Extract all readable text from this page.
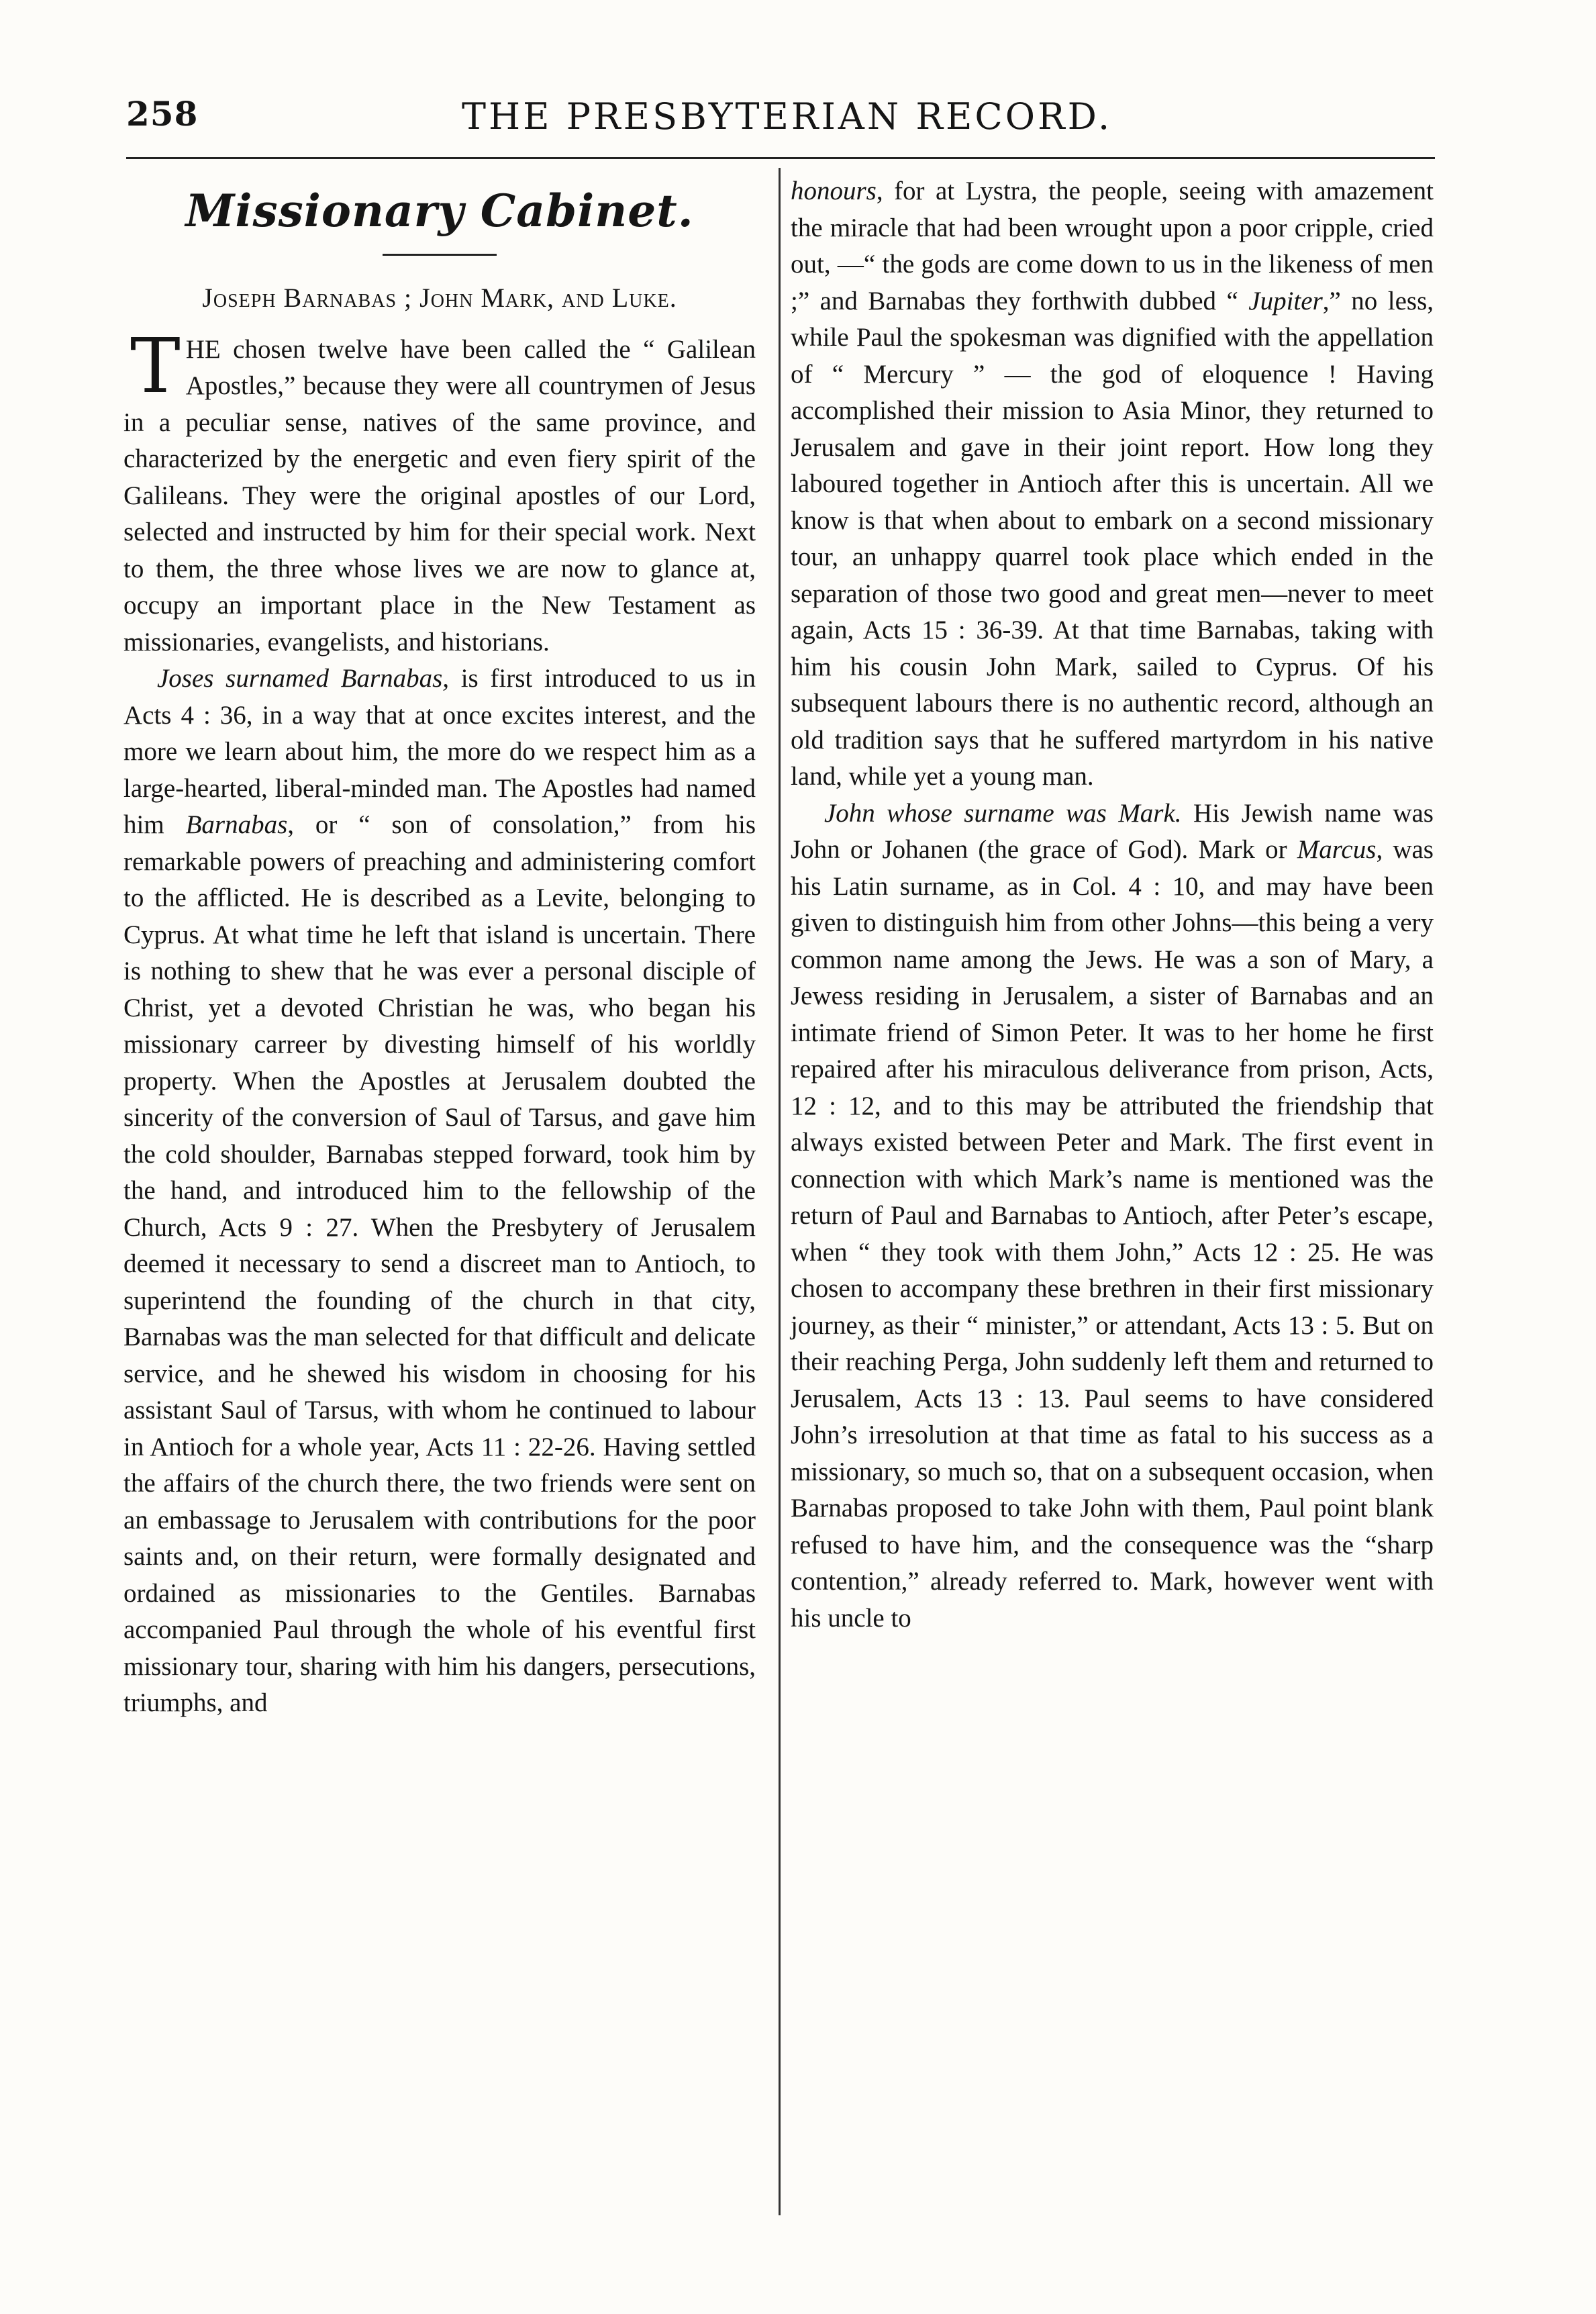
258	THE PRESBYTERIAN RECORD.
Missionary Cabinet.
Joseph Barnabas ; John Mark, and Luke.

THE chosen twelve have been called the “ Galilean Apostles,” because they were all countrymen of Jesus in a peculiar sense, natives of the same province, and characterized by the energetic and even fiery spirit of the Galileans. They were the original apostles of our Lord, selected and instructed by him for their special work. Next to them, the three whose lives we are now to glance at, occupy an important place in the New Testament as missionaries, evangelists, and historians.

Joses surnamed Barnabas, is first introduced to us in Acts 4 : 36, in a way that at once excites interest, and the more we learn about him, the more do we respect him as a large-hearted, liberal-minded man. The Apostles had named him Barnabas, or “ son of consolation,” from his remarkable powers of preaching and administering comfort to the afflicted. He is described as a Levite, belonging to Cyprus. At what time he left that island is uncertain. There is nothing to shew that he was ever a personal disciple of Christ, yet a devoted Christian he was, who began his missionary carreer by divesting himself of his worldly property. When the Apostles at Jerusalem doubted the sincerity of the conversion of Saul of Tarsus, and gave him the cold shoulder, Barnabas stepped forward, took him by the hand, and introduced him to the fellowship of the Church, Acts 9 : 27. When the Presbytery of Jerusalem deemed it necessary to send a discreet man to Antioch, to superintend the founding of the church in that city, Barnabas was the man selected for that difficult and delicate service, and he shewed his wisdom in choosing for his assistant Saul of Tarsus, with whom he continued to labour in Antioch for a whole year, Acts 11 : 22-26. Having settled the affairs of the church there, the two friends were sent on an embassage to Jerusalem with contributions for the poor saints and, on their return, were formally designated and ordained as missionaries to the Gentiles. Barnabas accompanied Paul through the whole of his eventful first missionary tour, sharing with him his dangers, persecutions, triumphs, and

honours, for at Lystra, the people, seeing with amazement the miracle that had been wrought upon a poor cripple, cried out, —“ the gods are come down to us in the likeness of men ;” and Barnabas they forthwith dubbed “ Jupiter,” no less, while Paul the spokesman was dignified with the appellation of “ Mercury ” — the god of eloquence ! Having accomplished their mission to Asia Minor, they returned to Jerusalem and gave in their joint report. How long they laboured together in Antioch after this is uncertain. All we know is that when about to embark on a second missionary tour, an unhappy quarrel took place which ended in the separation of those two good and great men—never to meet again, Acts 15 : 36-39. At that time Barnabas, taking with him his cousin John Mark, sailed to Cyprus. Of his subsequent labours there is no authentic record, although an old tradition says that he suffered martyrdom in his native land, while yet a young man.

John whose surname was Mark. His Jewish name was John or Johanen (the grace of God). Mark or Marcus, was his Latin surname, as in Col. 4 : 10, and may have been given to distinguish him from other Johns—this being a very common name among the Jews. He was a son of Mary, a Jewess residing in Jerusalem, a sister of Barnabas and an intimate friend of Simon Peter. It was to her home he first repaired after his miraculous deliverance from prison, Acts, 12 : 12, and to this may be attributed the friendship that always existed between Peter and Mark. The first event in connection with which Mark’s name is mentioned was the return of Paul and Barnabas to Antioch, after Peter’s escape, when “ they took with them John,” Acts 12 : 25. He was chosen to accompany these brethren in their first missionary journey, as their “ minister,” or attendant, Acts 13 : 5. But on their reaching Perga, John suddenly left them and returned to Jerusalem, Acts 13 : 13. Paul seems to have considered John’s irresolution at that time as fatal to his success as a missionary, so much so, that on a subsequent occasion, when Barnabas proposed to take John with them, Paul point blank refused to have him, and the consequence was the “sharp contention,” already referred to. Mark, however went with his uncle to
